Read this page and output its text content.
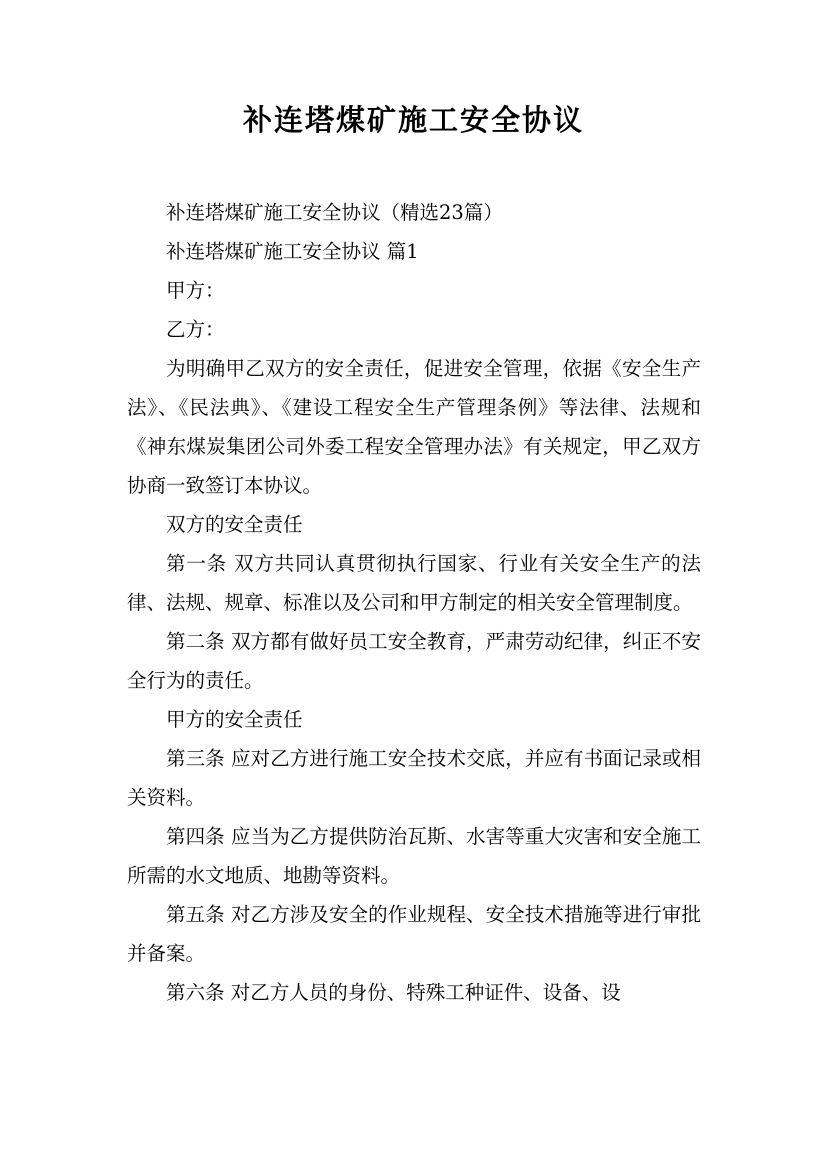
补连塔煤矿施工安全协议

补连塔煤矿施工安全协议（精选23篇）

补连塔煤矿施工安全协议 篇1

甲方：

乙方：

为明确甲乙双方的安全责任，促进安全管理，依据《安全生产法》、《民法典》、《建设工程安全生产管理条例》等法律、法规和《神东煤炭集团公司外委工程安全管理办法》有关规定，甲乙双方协商一致签订本协议。

双方的安全责任

第一条 双方共同认真贯彻执行国家、行业有关安全生产的法律、法规、规章、标准以及公司和甲方制定的相关安全管理制度。

第二条 双方都有做好员工安全教育，严肃劳动纪律，纠正不安全行为的责任。

甲方的安全责任

第三条 应对乙方进行施工安全技术交底，并应有书面记录或相关资料。

第四条 应当为乙方提供防治瓦斯、水害等重大灾害和安全施工所需的水文地质、地勘等资料。

第五条 对乙方涉及安全的作业规程、安全技术措施等进行审批并备案。

第六条 对乙方人员的身份、特殊工种证件、设备、设
